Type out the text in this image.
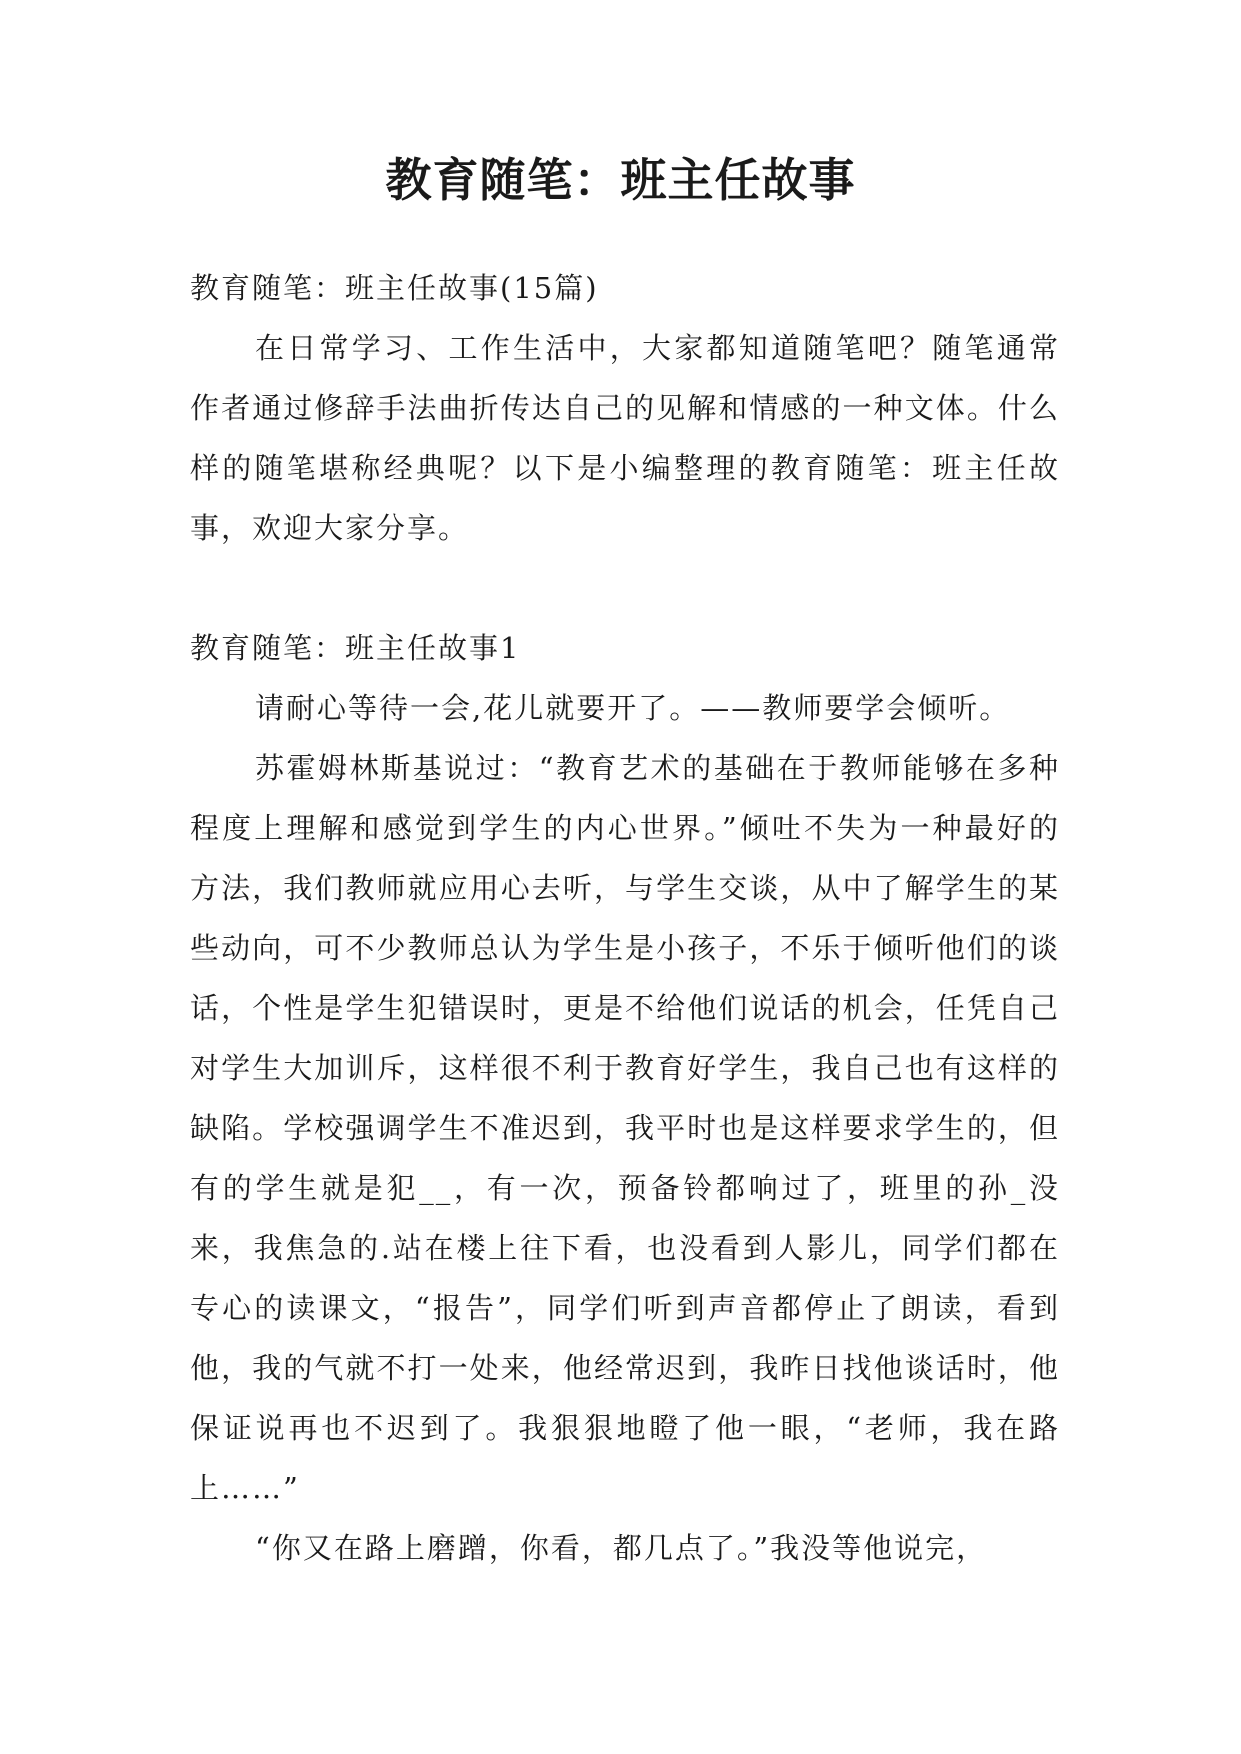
教育随笔：班主任故事

教育随笔：班主任故事(15篇)

在日常学习、工作生活中，大家都知道随笔吧？随笔通常作者通过修辞手法曲折传达自己的见解和情感的一种文体。什么样的随笔堪称经典呢？以下是小编整理的教育随笔：班主任故事，欢迎大家分享。

教育随笔：班主任故事1

请耐心等待一会,花儿就要开了。——教师要学会倾听。

苏霍姆林斯基说过：“教育艺术的基础在于教师能够在多种程度上理解和感觉到学生的内心世界。”倾吐不失为一种最好的方法，我们教师就应用心去听，与学生交谈，从中了解学生的某些动向，可不少教师总认为学生是小孩子，不乐于倾听他们的谈话，个性是学生犯错误时，更是不给他们说话的机会，任凭自己对学生大加训斥，这样很不利于教育好学生，我自己也有这样的缺陷。学校强调学生不准迟到，我平时也是这样要求学生的，但有的学生就是犯__，有一次，预备铃都响过了，班里的孙_没来，我焦急的.站在楼上往下看，也没看到人影儿，同学们都在专心的读课文，“报告”，同学们听到声音都停止了朗读，看到他，我的气就不打一处来，他经常迟到，我昨日找他谈话时，他保证说再也不迟到了。我狠狠地瞪了他一眼，“老师，我在路上……”

“你又在路上磨蹭，你看，都几点了。”我没等他说完，
